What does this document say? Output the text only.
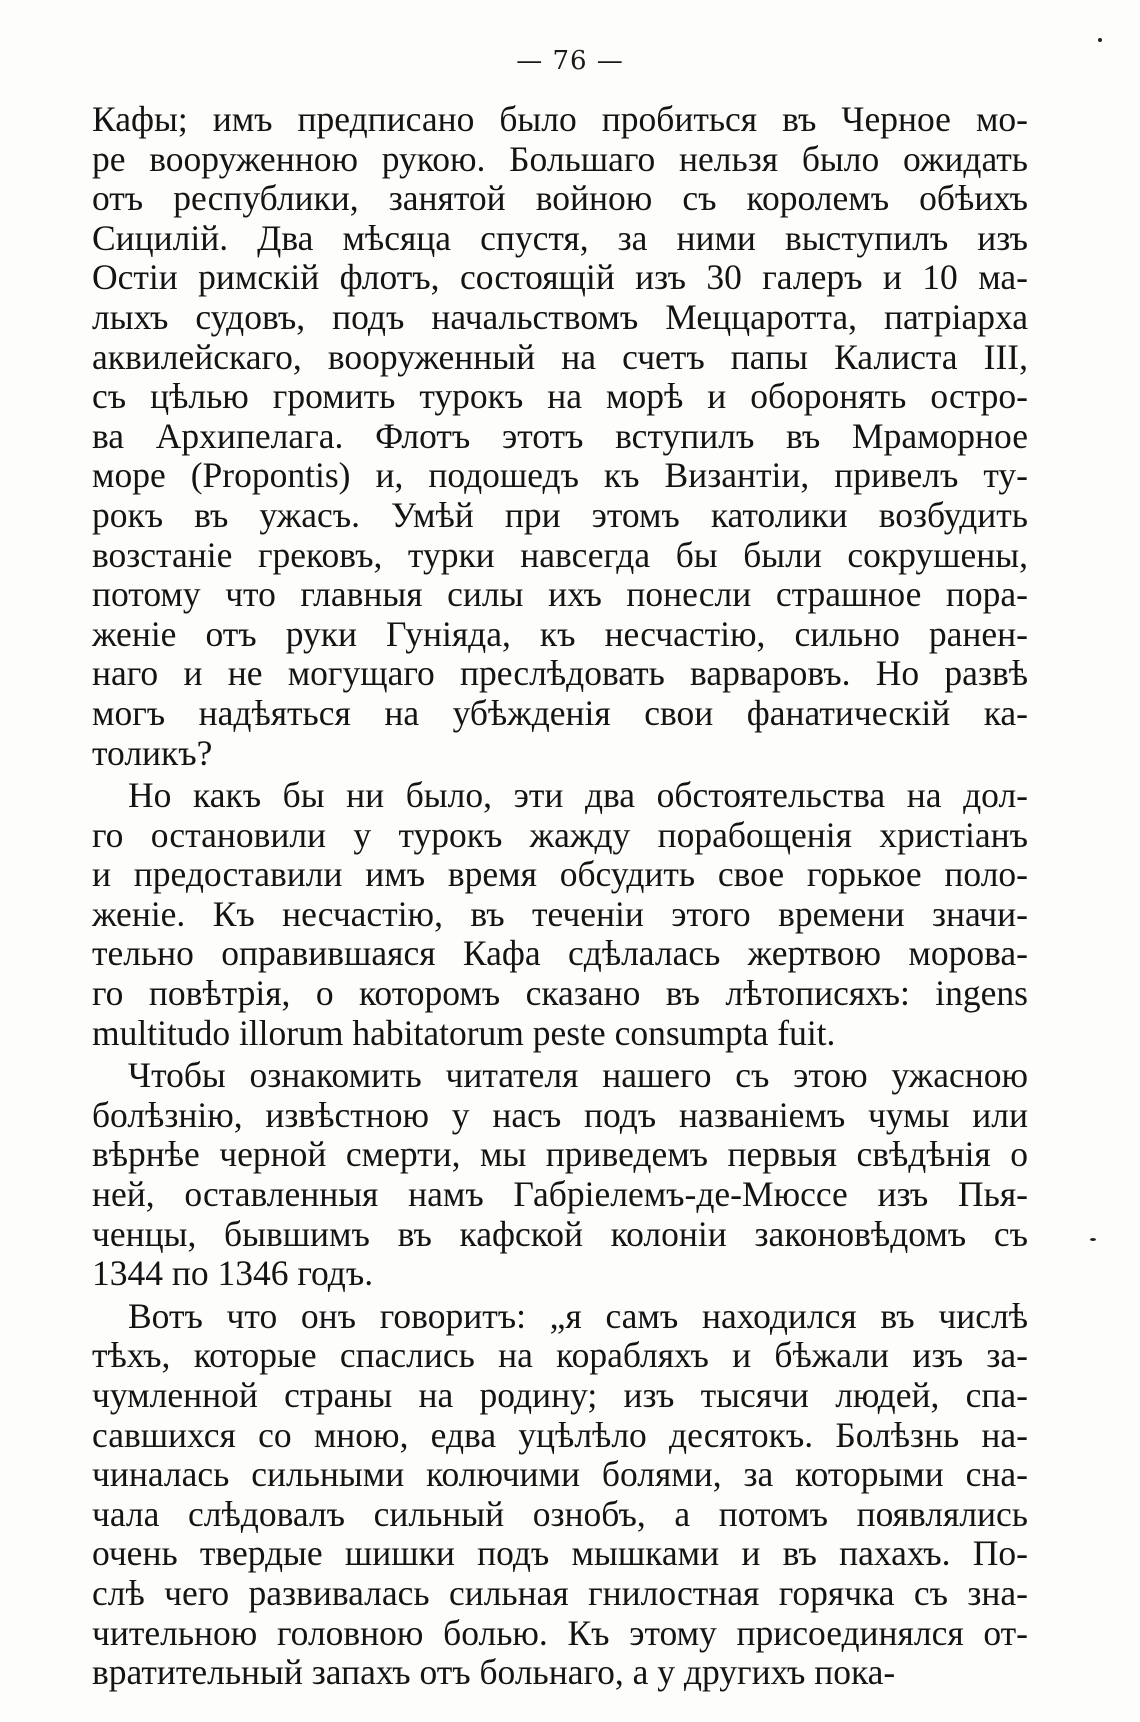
— 76 —
Кафы; имъ предписано было пробиться въ Черное мо-
ре вооруженною рукою. Большаго нельзя было ожидать
отъ республики, занятой войною съ королемъ обѣихъ
Сицилій. Два мѣсяца спустя, за ними выступилъ изъ
Остіи римскій флотъ, состоящій изъ 30 галеръ и 10 ма-
лыхъ судовъ, подъ начальствомъ Меццаротта, патріарха
аквилейскаго, вооруженный на счетъ папы Калиста III,
съ цѣлью громить турокъ на морѣ и оборонять остро-
ва Архипелага. Флотъ этотъ вступилъ въ Мраморное
море (Propontis) и, подошедъ къ Византіи, привелъ ту-
рокъ въ ужасъ. Умѣй при этомъ католики возбудить
возстаніе грековъ, турки навсегда бы были сокрушены,
потому что главныя силы ихъ понесли страшное пора-
женіе отъ руки Гуніяда, къ несчастію, сильно ранен-
наго и не могущаго преслѣдовать варваровъ. Но развѣ
могъ надѣяться на убѣжденія свои фанатическій ка-
толикъ?
Но какъ бы ни было, эти два обстоятельства на дол-
го остановили у турокъ жажду порабощенія христіанъ
и предоставили имъ время обсудить свое горькое поло-
женіе. Къ несчастію, въ теченіи этого времени значи-
тельно оправившаяся Кафа сдѣлалась жертвою морова-
го повѣтрія, о которомъ сказано въ лѣтописяхъ: ingens
multitudo illorum habitatorum peste consumpta fuit.
Чтобы ознакомить читателя нашего съ этою ужасною
болѣзнію, извѣстною у насъ подъ названіемъ чумы или
вѣрнѣе черной смерти, мы приведемъ первыя свѣдѣнія о
ней, оставленныя намъ Габріелемъ-де-Мюссе изъ Пья-
ченцы, бывшимъ въ кафской колоніи законовѣдомъ съ
1344 по 1346 годъ.
Вотъ что онъ говоритъ: „я самъ находился въ числѣ
тѣхъ, которые спаслись на корабляхъ и бѣжали изъ за-
чумленной страны на родину; изъ тысячи людей, спа-
савшихся со мною, едва уцѣлѣло десятокъ. Болѣзнь на-
чиналась сильными колючими болями, за которыми сна-
чала слѣдовалъ сильный ознобъ, а потомъ появлялись
очень твердые шишки подъ мышками и въ пахахъ. По-
слѣ чего развивалась сильная гнилостная горячка съ зна-
чительною головною болью. Къ этому присоединялся от-
вратительный запахъ отъ больнаго, а у другихъ пока-
